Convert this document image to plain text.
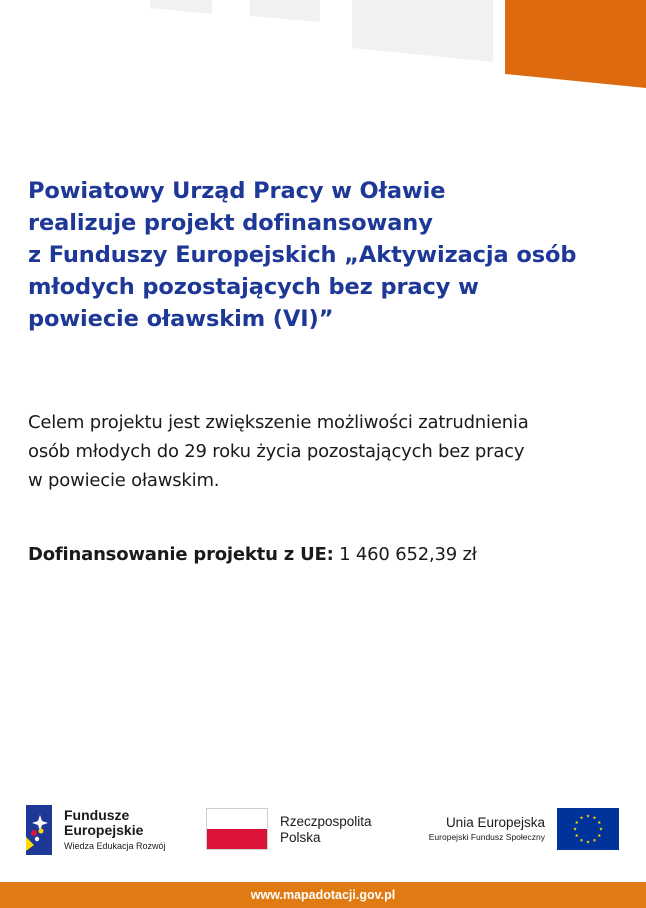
Powiatowy Urząd Pracy w Oławie
realizuje projekt dofinansowany
z Funduszy Europejskich „Aktywizacja osób
młodych pozostających bez pracy w
powiecie oławskim (VI)”

Celem projektu jest zwiększenie możliwości zatrudnienia
osób młodych do 29 roku życia pozostających bez pracy
w powiecie oławskim.

Dofinansowanie projektu z UE: 1 460 652,39 zł

Fundusze
Europejskie
Wiedza Edukacja Rozwój
Rzeczpospolita
Polska
Unia Europejska
Europejski Fundusz Społeczny
www.mapadotacji.gov.pl
